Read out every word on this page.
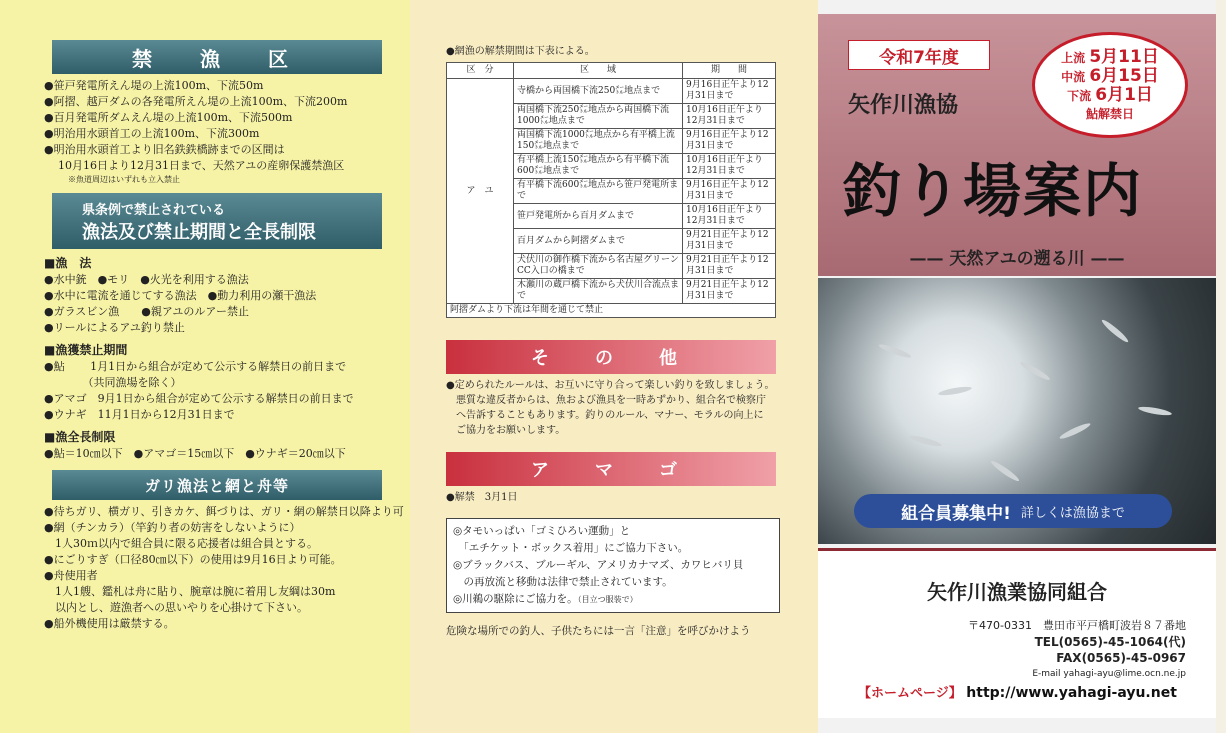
禁　漁　区
●笹戸発電所えん堤の上流100m、下流50m
●阿摺、越戸ダムの各発電所えん堤の上流100m、下流200m
●百月発電所ダムえん堤の上流100m、下流500m
●明治用水頭首工の上流100m、下流300m
●明治用水頭首工より旧名鉄鉄橋跡までの区間は
10月16日より12月31日まで、天然アユの産卵保護禁漁区
※魚道周辺はいずれも立入禁止
県条例で禁止されている
漁法及び禁止期間と全長制限
■漁　法
●水中銃　●モリ　●火光を利用する漁法
●水中に電流を通じてする漁法　●動力利用の瀬干漁法
●ガラスビン漁　　●親アユのルアー禁止
●リールによるアユ釣り禁止
■漁獲禁止期間
●鮎　　 1月1日から組合が定めて公示する解禁日の前日まで
　　　　（共同漁場を除く）
●アマゴ　9月1日から組合が定めて公示する解禁日の前日まで
●ウナギ　11月1日から12月31日まで
■漁全長制限
●鮎＝10㎝以下　●アマゴ＝15㎝以下　●ウナギ＝20㎝以下
ガリ漁法と網と舟等
●待ちガリ、横ガリ、引きカケ、餌づりは、ガリ・網の解禁日以降より可
●網（チンカラ）（竿釣り者の妨害をしないように）
　1人30ｍ以内で組合員に限る応援者は組合員とする。
●にごりすぎ（口径80㎝以下）の使用は9月16日より可能。
●舟使用者
　1人1艘、鑑札は舟に貼り、腕章は腕に着用し友綱は30m
　以内とし、遊漁者への思いやりを心掛けて下さい。
●船外機使用は厳禁する。
●網漁の解禁期間は下表による。
区　分	区　　域	期　　間
ア　ユ	寺橋から両国橋下流250㍍地点まで	9月16日正午より12月31日まで
	両国橋下流250㍍地点から両国橋下流1000㍍地点まで	10月16日正午より12月31日まで
	両国橋下流1000㍍地点から有平橋上流150㍍地点まで	9月16日正午より12月31日まで
	有平橋上流150㍍地点から有平橋下流600㍍地点まで	10月16日正午より12月31日まで
	有平橋下流600㍍地点から笹戸発電所まで	9月16日正午より12月31日まで
	笹戸発電所から百月ダムまで	10月16日正午より12月31日まで
	百月ダムから阿摺ダムまで	9月21日正午より12月31日まで
	犬伏川の御作橋下流から名古屋グリーンCC入口の橋まで	9月21日正午より12月31日まで
	木瀬川の蔵戸橋下流から犬伏川合流点まで	9月21日正午より12月31日まで
阿摺ダムより下流は年間を通じて禁止		
そ　の　他
●定められたルールは、お互いに守り合って楽しい釣りを致しましょう。
　悪質な違反者からは、魚および漁具を一時あずかり、組合名で検察庁
　へ告訴することもあります。釣りのルール、マナー、モラルの向上に
　ご協力をお願いします。
ア　マ　ゴ
●解禁　3月1日
◎タモいっぱい「ゴミひろい運動」と
　「エチケット・ボックス着用」にご協力下さい。
◎ブラックバス、ブルーギル、アメリカナマズ、カワヒバリ貝
　の再放流と移動は法律で禁止されています。
◎川鵜の駆除にご協力を。（目立つ服装で）
危険な場所での釣人、子供たちには一言「注意」を呼びかけよう
令和7年度
矢作川漁協
上流 5月11日
中流 6月15日
下流 6月1日
鮎解禁日
釣り場案内
—— 天然アユの遡る川 ——
組合員募集中! 詳しくは漁協まで
矢作川漁業協同組合
〒470-0331　豊田市平戸橋町波岩８７番地
TEL(0565)-45-1064(代)
FAX(0565)-45-0967
E-mail yahagi-ayu@lime.ocn.ne.jp
【ホームページ】 http://www.yahagi-ayu.net
